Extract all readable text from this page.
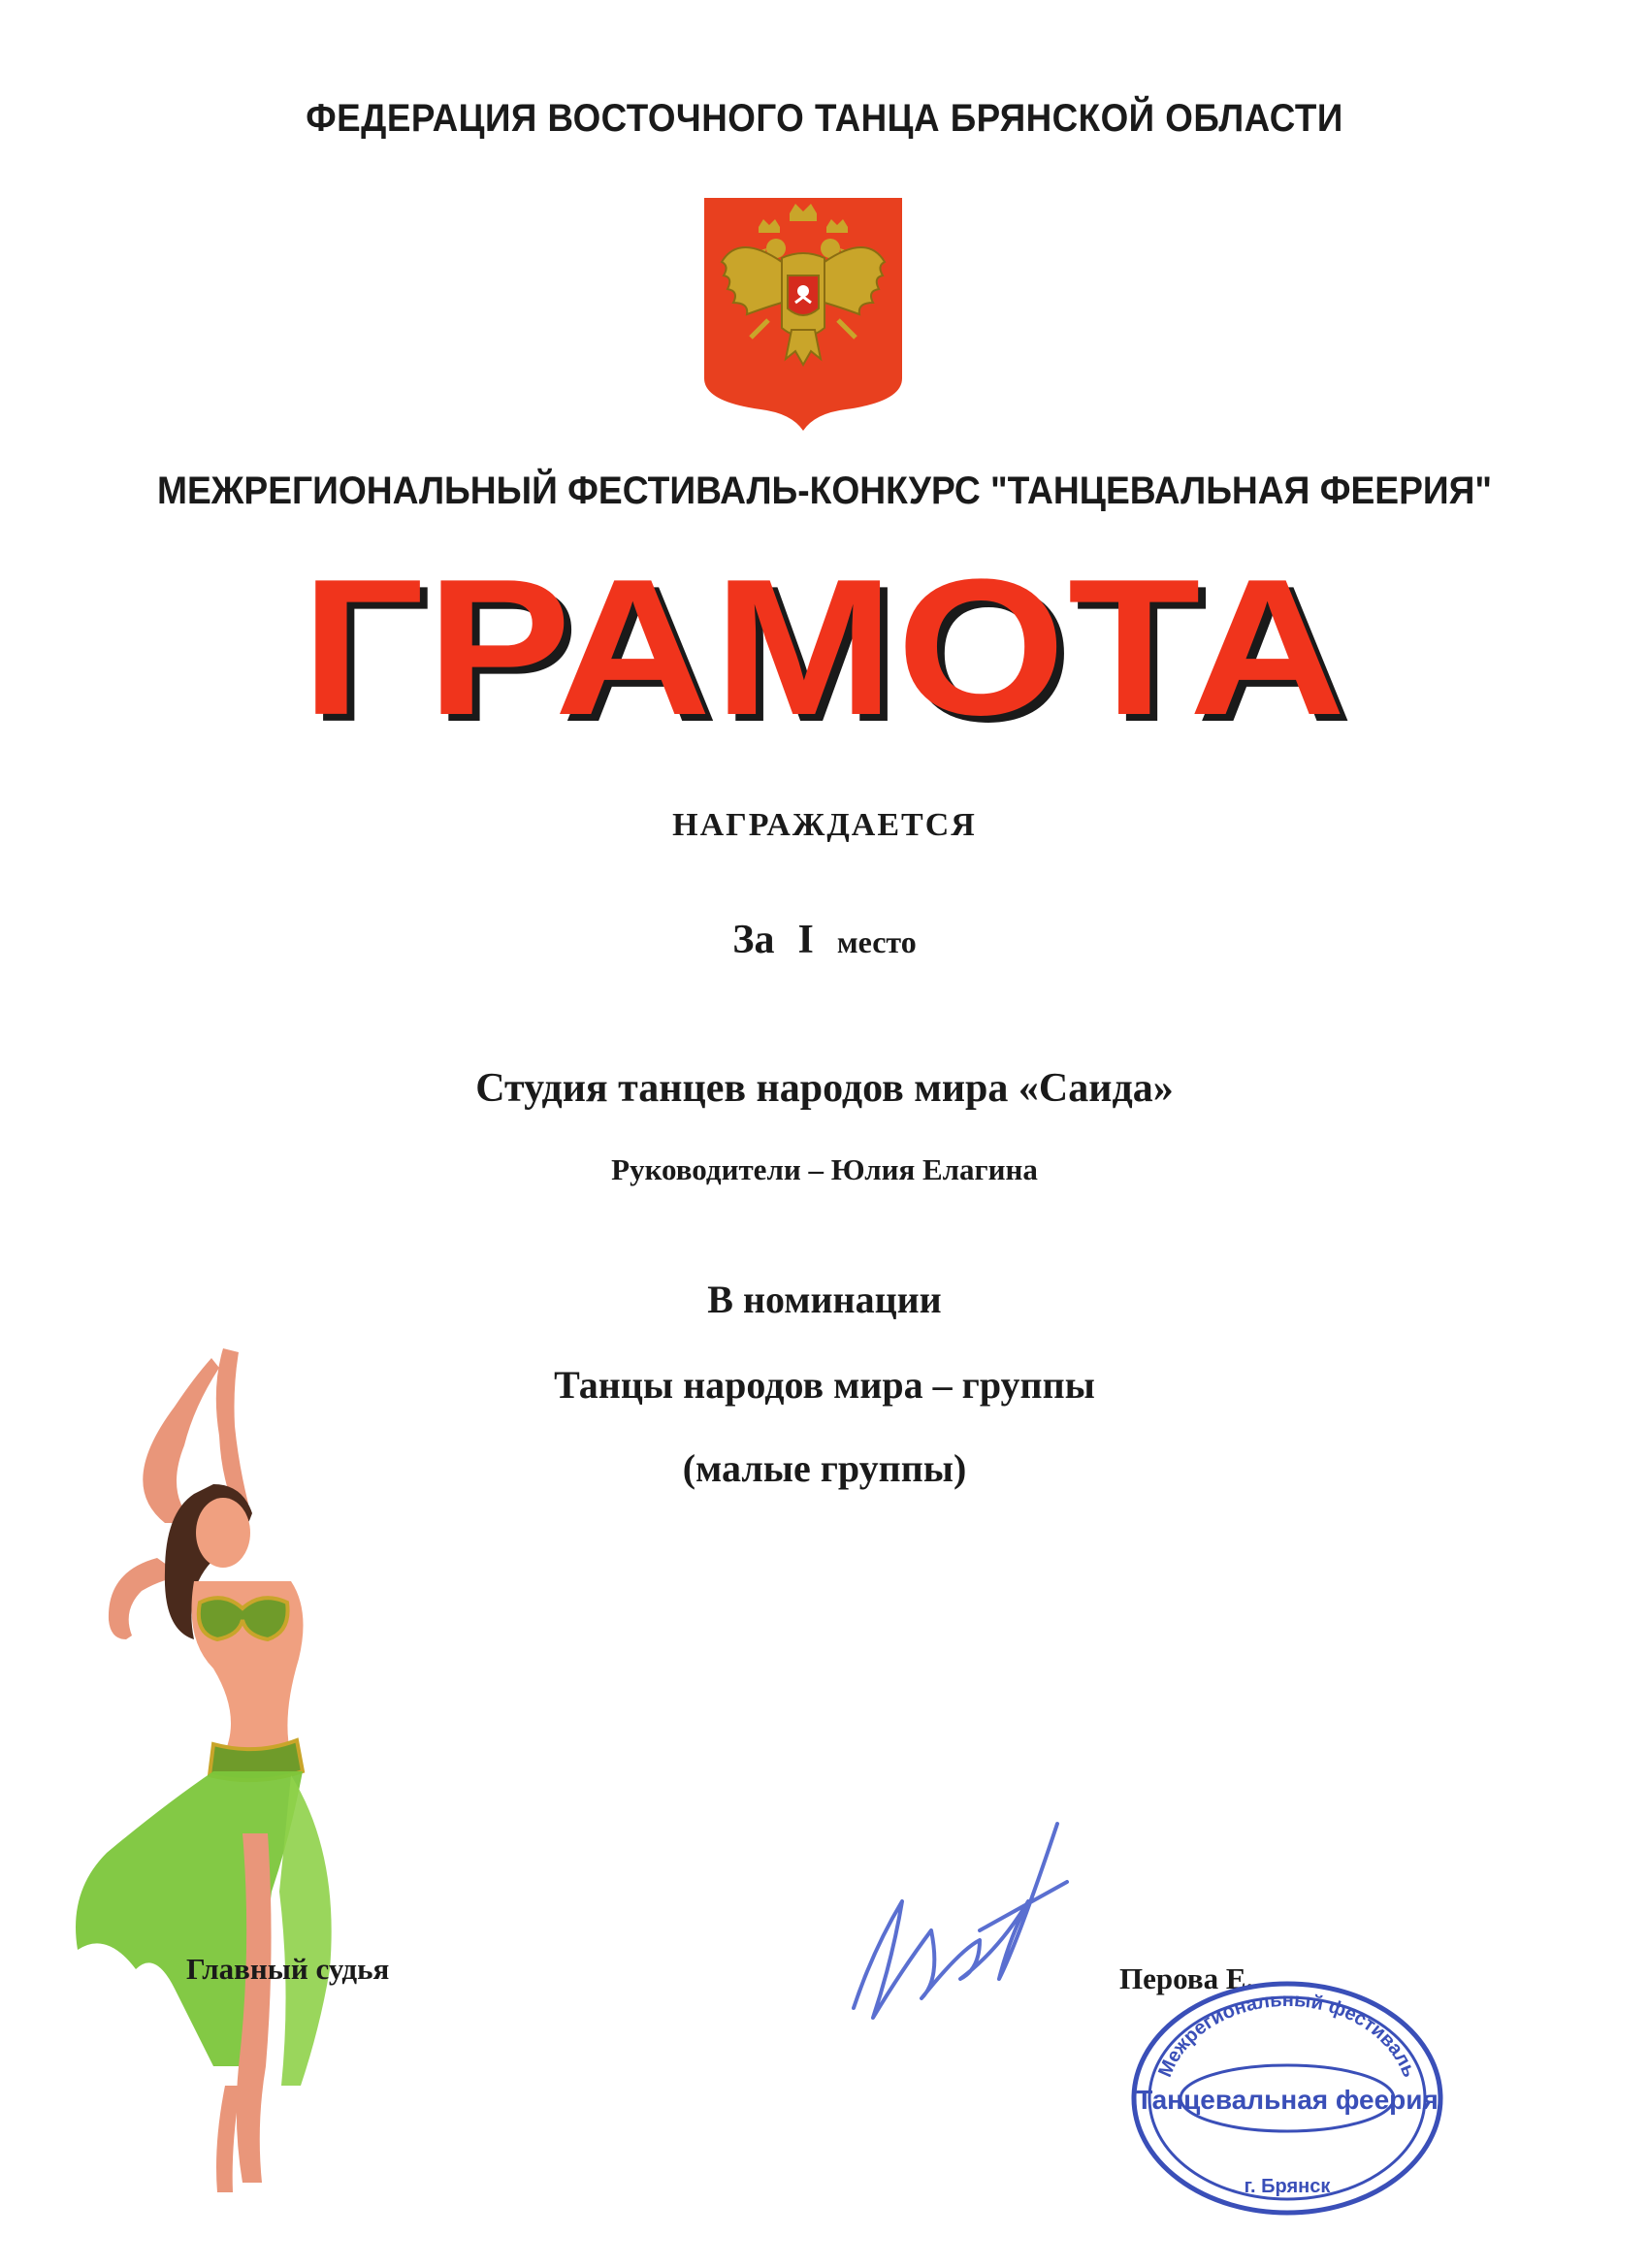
ФЕДЕРАЦИЯ ВОСТОЧНОГО ТАНЦА БРЯНСКОЙ ОБЛАСТИ
МЕЖРЕГИОНАЛЬНЫЙ ФЕСТИВАЛЬ-КОНКУРС "ТАНЦЕВАЛЬНАЯ ФЕЕРИЯ"
ГРАМОТА
НАГРАЖДАЕТСЯ
За I место
Студия танцев народов мира «Саида»
Руководители – Юлия Елагина
В номинации
Танцы народов мира – группы
(малые группы)
Главный судья	Перова Е.
Межрегиональный фестиваль
Танцевальная феерия
г. Брянск
